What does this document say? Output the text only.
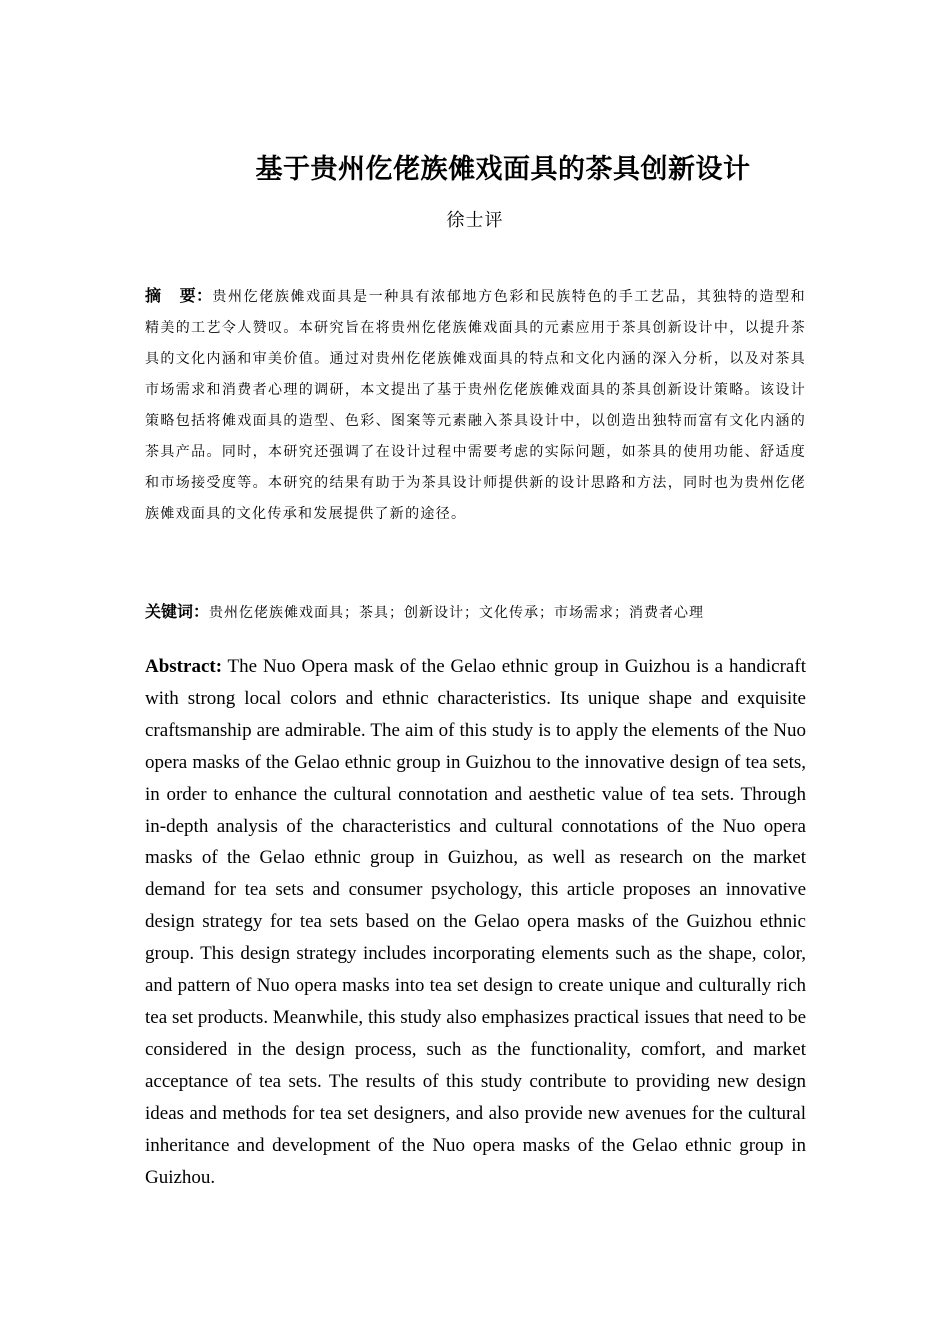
基于贵州仡佬族傩戏面具的茶具创新设计
徐士评
摘 要：贵州仡佬族傩戏面具是一种具有浓郁地方色彩和民族特色的手工艺品，其独特的造型和精美的工艺令人赞叹。本研究旨在将贵州仡佬族傩戏面具的元素应用于茶具创新设计中，以提升茶具的文化内涵和审美价值。通过对贵州仡佬族傩戏面具的特点和文化内涵的深入分析，以及对茶具市场需求和消费者心理的调研，本文提出了基于贵州仡佬族傩戏面具的茶具创新设计策略。该设计策略包括将傩戏面具的造型、色彩、图案等元素融入茶具设计中，以创造出独特而富有文化内涵的茶具产品。同时，本研究还强调了在设计过程中需要考虑的实际问题，如茶具的使用功能、舒适度和市场接受度等。本研究的结果有助于为茶具设计师提供新的设计思路和方法，同时也为贵州仡佬族傩戏面具的文化传承和发展提供了新的途径。
关键词：贵州仡佬族傩戏面具；茶具；创新设计；文化传承；市场需求；消费者心理
Abstract: The Nuo Opera mask of the Gelao ethnic group in Guizhou is a handicraft with strong local colors and ethnic characteristics. Its unique shape and exquisite craftsmanship are admirable. The aim of this study is to apply the elements of the Nuo opera masks of the Gelao ethnic group in Guizhou to the innovative design of tea sets, in order to enhance the cultural connotation and aesthetic value of tea sets. Through in-depth analysis of the characteristics and cultural connotations of the Nuo opera masks of the Gelao ethnic group in Guizhou, as well as research on the market demand for tea sets and consumer psychology, this article proposes an innovative design strategy for tea sets based on the Gelao opera masks of the Guizhou ethnic group. This design strategy includes incorporating elements such as the shape, color, and pattern of Nuo opera masks into tea set design to create unique and culturally rich tea set products. Meanwhile, this study also emphasizes practical issues that need to be considered in the design process, such as the functionality, comfort, and market acceptance of tea sets. The results of this study contribute to providing new design ideas and methods for tea set designers, and also provide new avenues for the cultural inheritance and development of the Nuo opera masks of the Gelao ethnic group in Guizhou.
